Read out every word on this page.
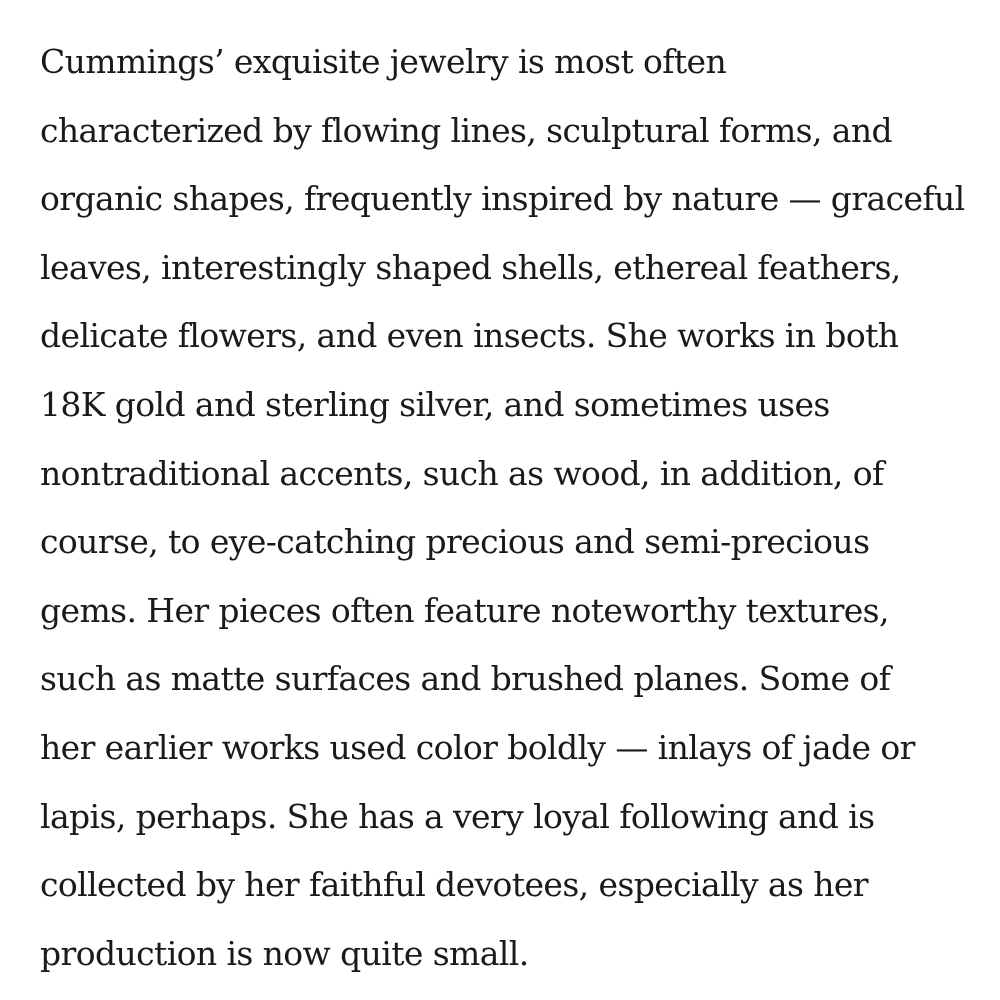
Cummings’ exquisite jewelry is most often
characterized by flowing lines, sculptural forms, and
organic shapes, frequently inspired by nature — graceful
leaves, interestingly shaped shells, ethereal feathers,
delicate flowers, and even insects. She works in both
18K gold and sterling silver, and sometimes uses
nontraditional accents, such as wood, in addition, of
course, to eye-catching precious and semi-precious
gems. Her pieces often feature noteworthy textures,
such as matte surfaces and brushed planes. Some of
her earlier works used color boldly — inlays of jade or
lapis, perhaps. She has a very loyal following and is
collected by her faithful devotees, especially as her
production is now quite small.
